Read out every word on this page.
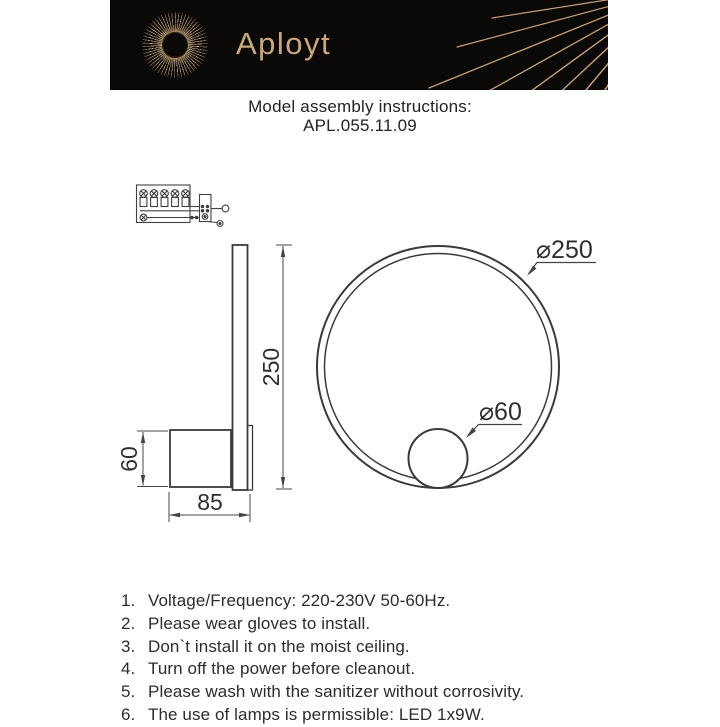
Aployt
Model assembly instructions:
APL.055.11.09
60
85
250
⌀250
⌀60
1. Voltage/Frequency: 220-230V 50-60Hz.
2. Please wear gloves to install.
3. Don`t install it on the moist ceiling.
4. Turn off the power before cleanout.
5. Please wash with the sanitizer without corrosivity.
6. The use of lamps is permissible: LED 1x9W.
